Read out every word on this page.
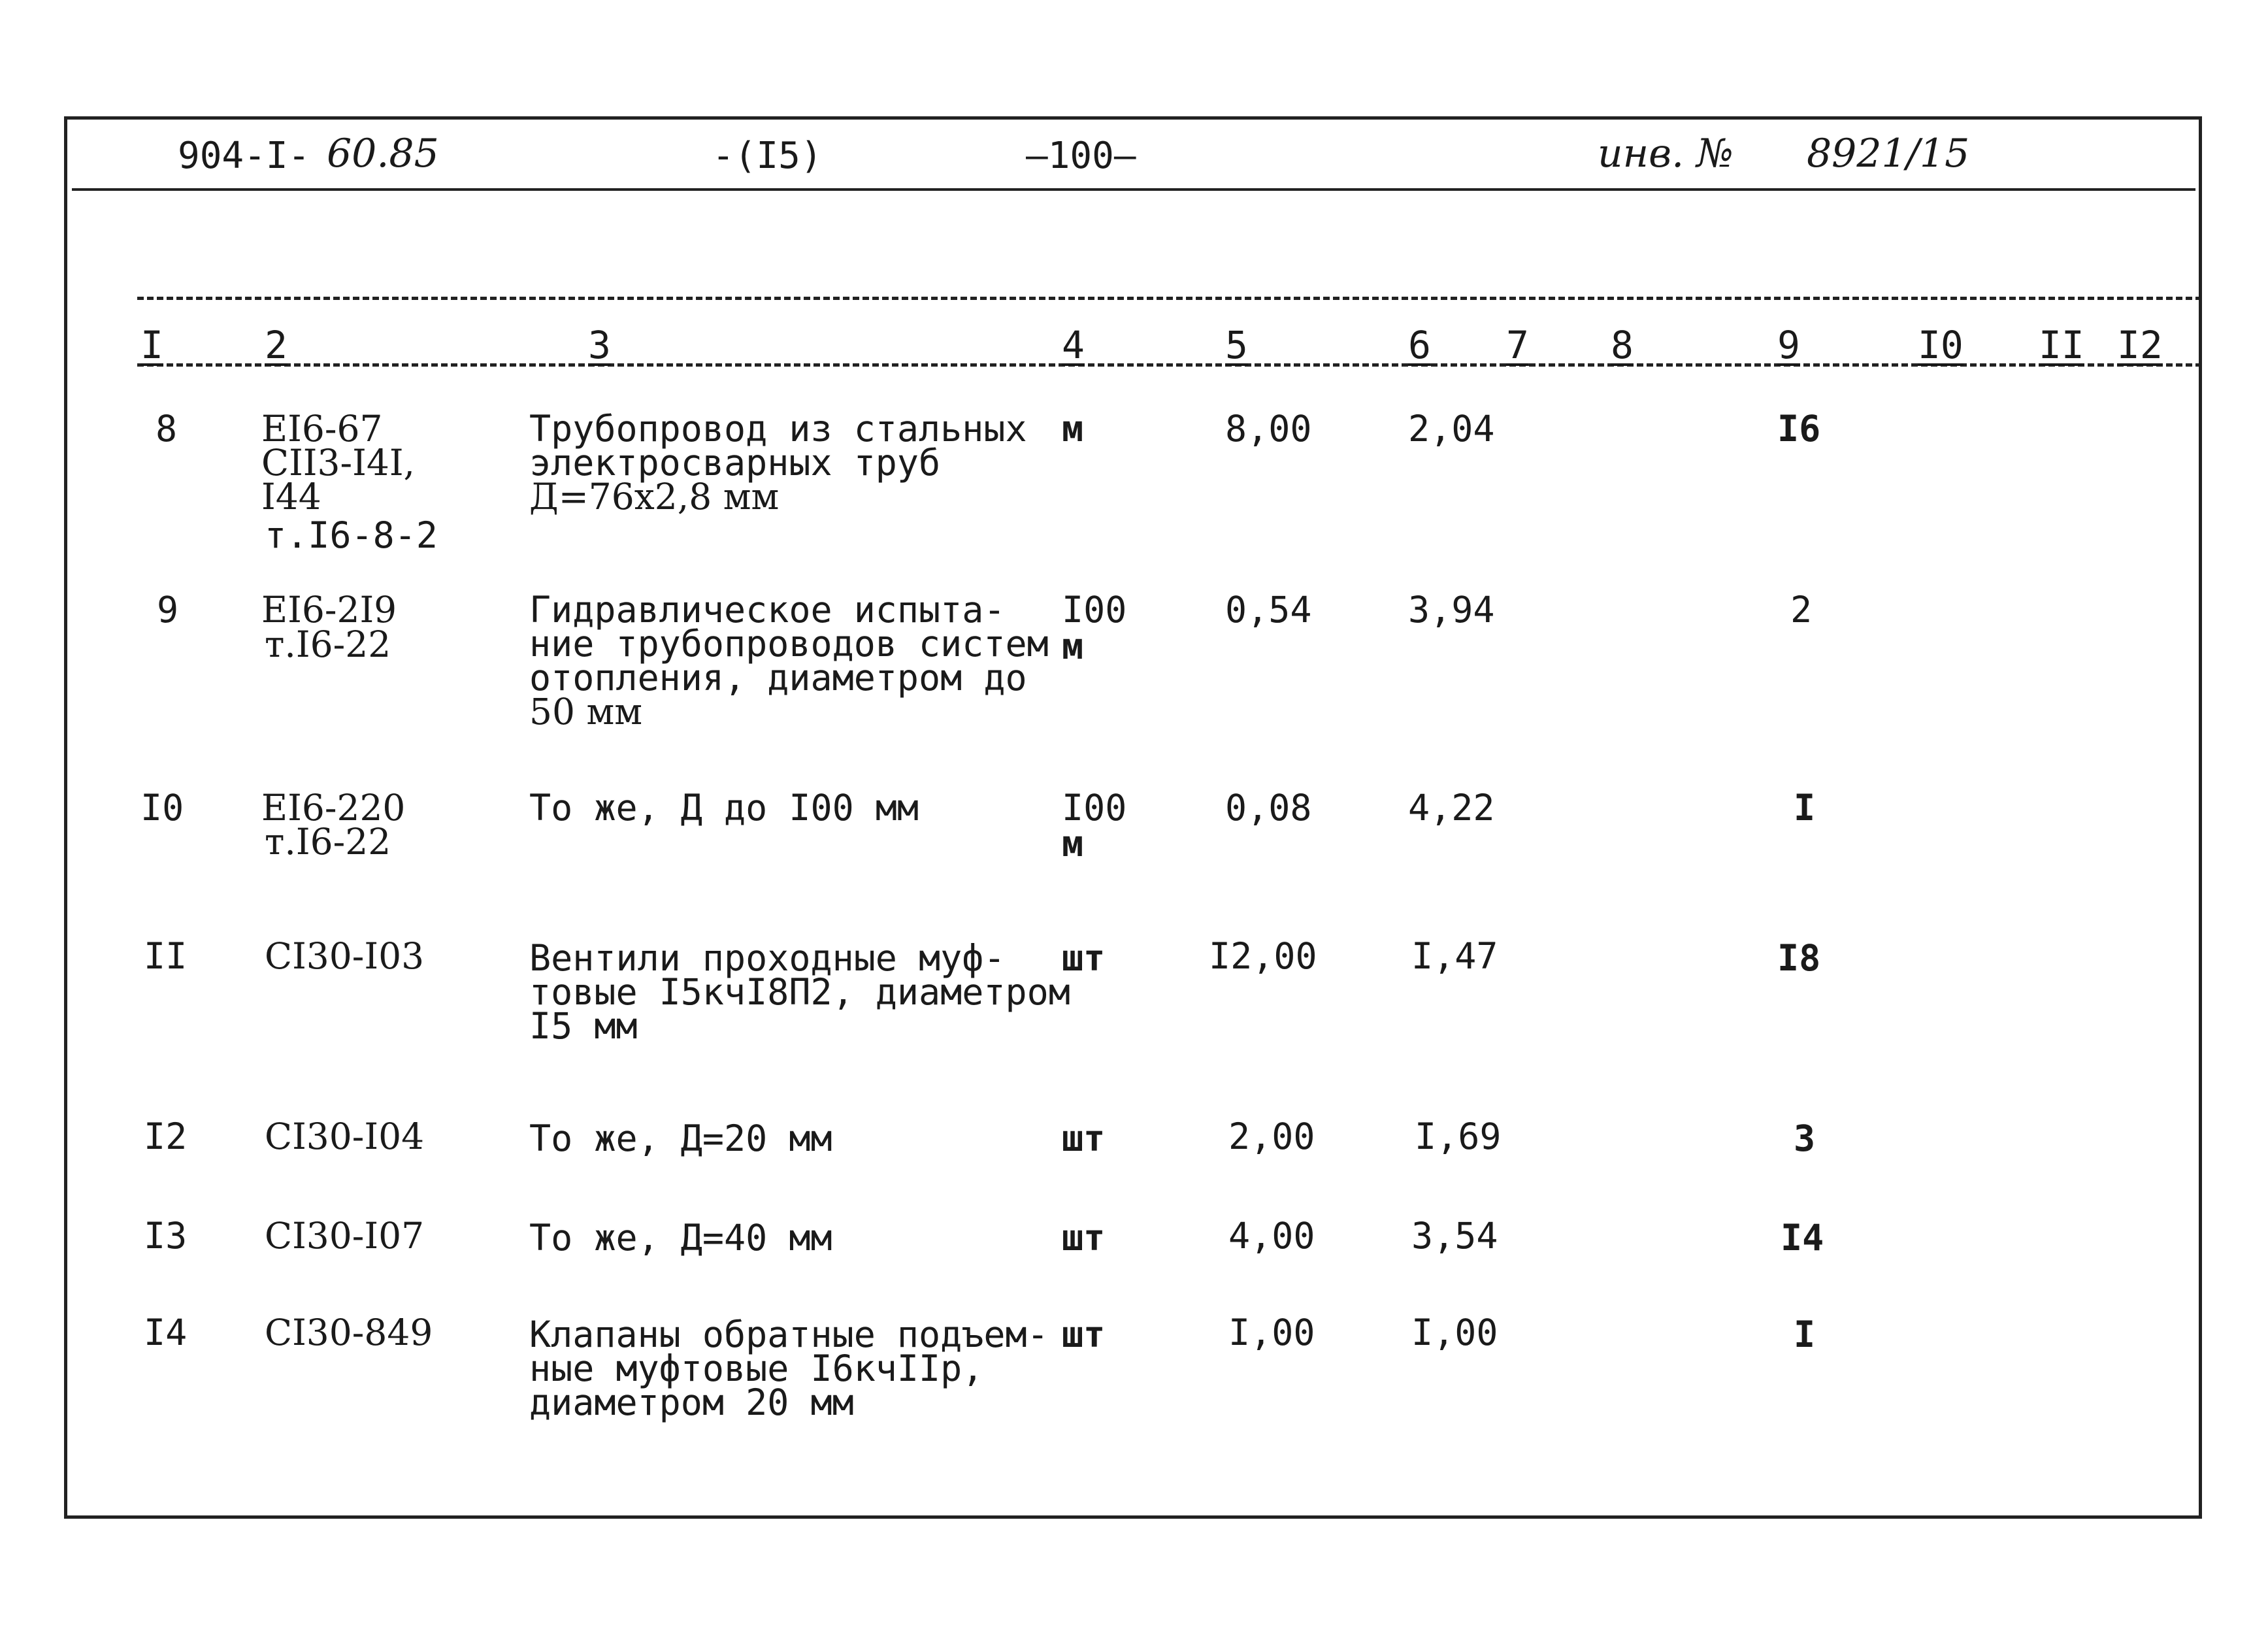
904-I- 60.85	-(I5)	–100–	инв. № 8921/15
I	2	3	4	5	6 7 8	9	I0 II I2
8 EI6-67
CII3-I4I,
I44
т.I6-8-2
Трубопровод из стальных
электросварных труб
Д=76х2,8 мм
м	8,00	2,04	I6
9 EI6-2I9
т.I6-22
Гидравлическое испыта-
ние трубопроводов систем
отопления, диаметром до
50 мм
I00
м
0,54	3,94	2
I0 EI6-220
т.I6-22
То же, Д до I00 мм	I00
м
0,08	4,22	I
II CI30-I03	Вентили проходные муф-
товые I5кчI8П2, диаметром
I5 мм
шт	I2,00	I,47	I8
I2 CI30-I04	То же, Д=20 мм	шт	2,00	I,69	3
I3 CI30-I07	То же, Д=40 мм	шт	4,00	3,54	I4
I4 CI30-849	Клапаны обратные подъем-
ные муфтовые I6кчIIр,
диаметром 20 мм
шт	I,00	I,00	I
